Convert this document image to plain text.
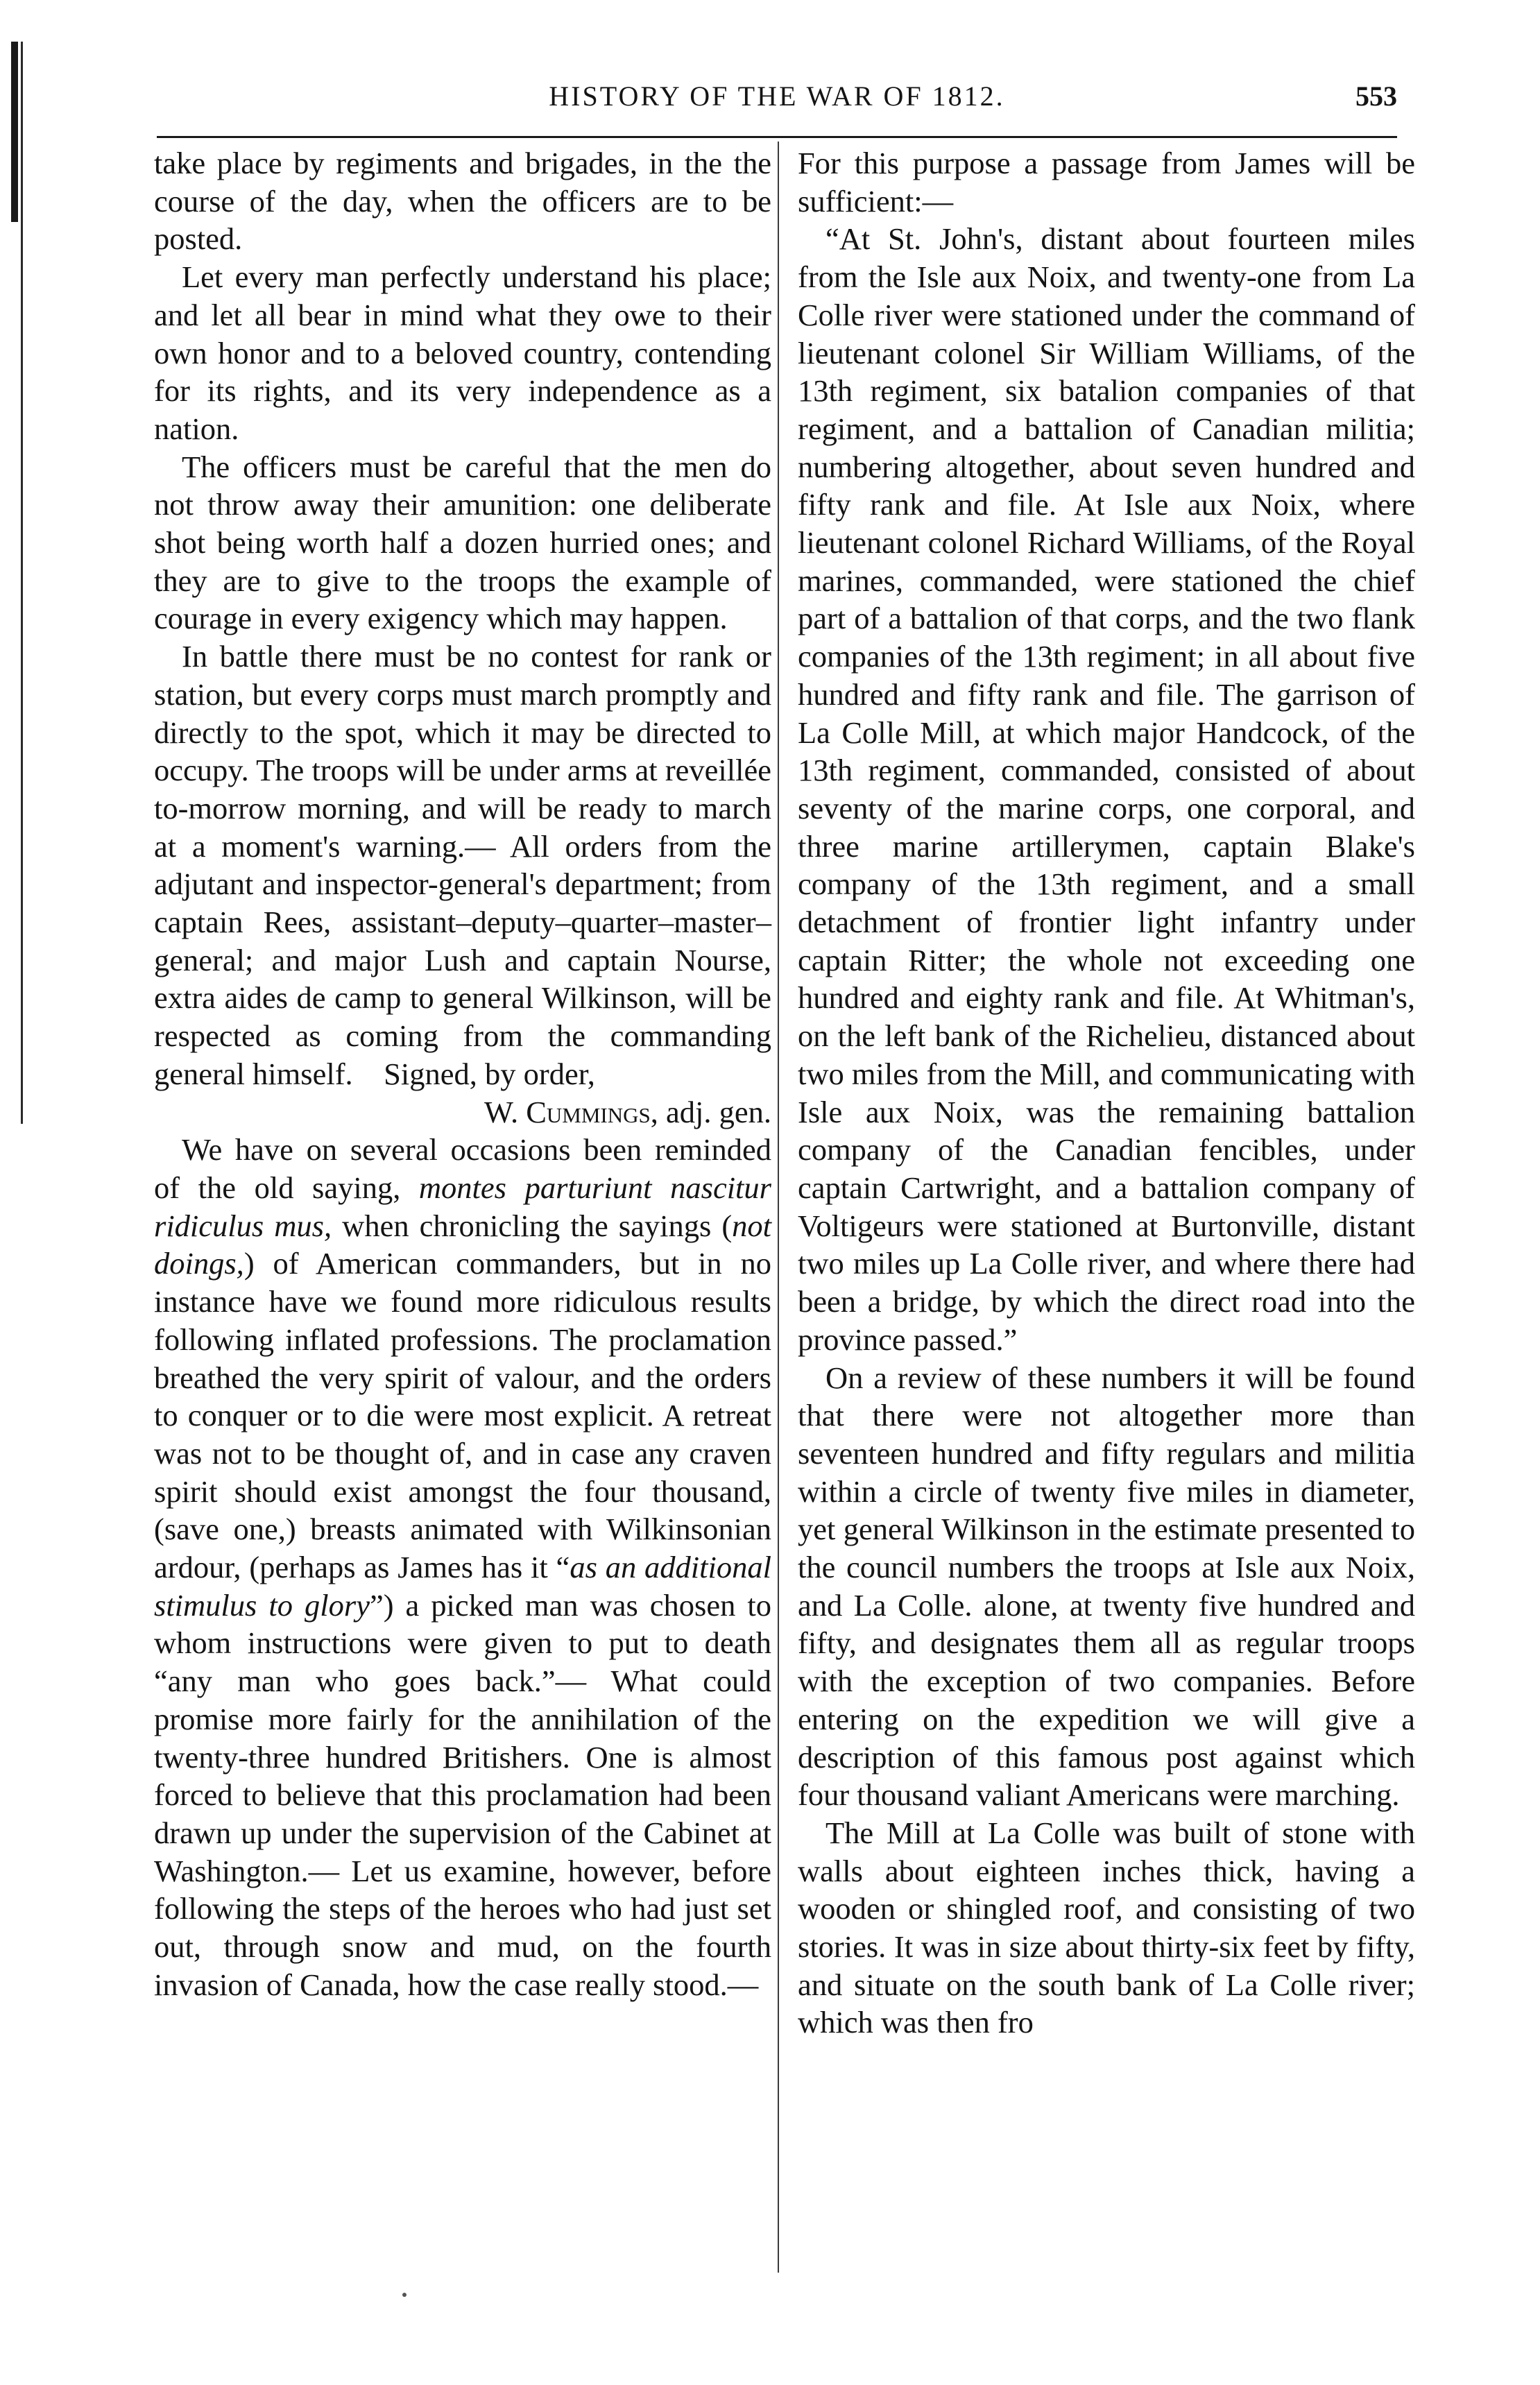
HISTORY OF THE WAR OF 1812.	553

take place by regiments and brigades, in the the course of the day, when the officers are to be posted.

Let every man perfectly understand his place; and let all bear in mind what they owe to their own honor and to a beloved country, contending for its rights, and its very independence as a nation.

The officers must be careful that the men do not throw away their amunition: one deliberate shot being worth half a dozen hurried ones; and they are to give to the troops the example of courage in every exigency which may happen.

In battle there must be no contest for rank or station, but every corps must march promptly and directly to the spot, which it may be directed to occupy. The troops will be under arms at reveillée to-morrow morning, and will be ready to march at a moment's warning.— All orders from the adjutant and inspector-general's department; from captain Rees, assistant–deputy–quarter–master–general; and major Lush and captain Nourse, extra aides de camp to general Wilkinson, will be respected as coming from the commanding general himself. Signed, by order,

W. Cummings, adj. gen.

We have on several occasions been reminded of the old saying, montes parturiunt nascitur ridiculus mus, when chronicling the sayings (not doings,) of American commanders, but in no instance have we found more ridiculous results following inflated professions. The proclamation breathed the very spirit of valour, and the orders to conquer or to die were most explicit. A retreat was not to be thought of, and in case any craven spirit should exist amongst the four thousand, (save one,) breasts animated with Wilkinsonian ardour, (perhaps as James has it “as an additional stimulus to glory”) a picked man was chosen to whom instructions were given to put to death “any man who goes back.”— What could promise more fairly for the annihilation of the twenty-three hundred Britishers. One is almost forced to believe that this proclamation had been drawn up under the supervision of the Cabinet at Washington.— Let us examine, however, before following the steps of the heroes who had just set out, through snow and mud, on the fourth invasion of Canada, how the case really stood.—

For this purpose a passage from James will be sufficient:—

“At St. John's, distant about fourteen miles from the Isle aux Noix, and twenty-one from La Colle river were stationed under the command of lieutenant colonel Sir William Williams, of the 13th regiment, six batalion companies of that regiment, and a battalion of Canadian militia; numbering altogether, about seven hundred and fifty rank and file. At Isle aux Noix, where lieutenant colonel Richard Williams, of the Royal marines, commanded, were stationed the chief part of a battalion of that corps, and the two flank companies of the 13th regiment; in all about five hundred and fifty rank and file. The garrison of La Colle Mill, at which major Handcock, of the 13th regiment, commanded, consisted of about seventy of the marine corps, one corporal, and three marine artillerymen, captain Blake's company of the 13th regiment, and a small detachment of frontier light infantry under captain Ritter; the whole not exceeding one hundred and eighty rank and file. At Whitman's, on the left bank of the Richelieu, distanced about two miles from the Mill, and communicating with Isle aux Noix, was the remaining battalion company of the Canadian fencibles, under captain Cartwright, and a battalion company of Voltigeurs were stationed at Burtonville, distant two miles up La Colle river, and where there had been a bridge, by which the direct road into the province passed.”

On a review of these numbers it will be found that there were not altogether more than seventeen hundred and fifty regulars and militia within a circle of twenty five miles in diameter, yet general Wilkinson in the estimate presented to the council numbers the troops at Isle aux Noix, and La Colle. alone, at twenty five hundred and fifty, and designates them all as regular troops with the exception of two companies. Before entering on the expedition we will give a description of this famous post against which four thousand valiant Americans were marching.

The Mill at La Colle was built of stone with walls about eighteen inches thick, having a wooden or shingled roof, and consisting of two stories. It was in size about thirty-six feet by fifty, and situate on the south bank of La Colle river; which was then fro
